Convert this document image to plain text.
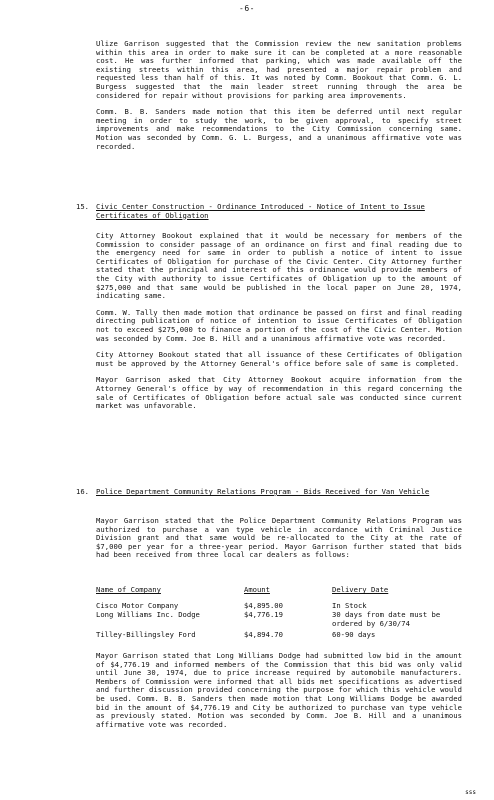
-6-

Ulize Garrison suggested that the Commission review the new sanitation problems within this area in order to make sure it can be completed at a more reasonable cost. He was further informed that parking, which was made available off the existing streets within this area, had presented a major repair problem and requested less than half of this. It was noted by Comm. Bookout that Comm. G. L. Burgess suggested that the main leader street running through the area be considered for repair without provisions for parking area improvements.

Comm. B. B. Sanders made motion that this item be deferred until next regular meeting in order to study the work, to be given approval, to specify street improvements and make recommendations to the City Commission concerning same. Motion was seconded by Comm. G. L. Burgess, and a unanimous affirmative vote was recorded.

15. Civic Center Construction - Ordinance Introduced - Notice of Intent to Issue Certificates of Obligation

City Attorney Bookout explained that it would be necessary for members of the Commission to consider passage of an ordinance on first and final reading due to the emergency need for same in order to publish a notice of intent to issue Certificates of Obligation for purchase of the Civic Center. City Attorney further stated that the principal and interest of this ordinance would provide members of the City with authority to issue Certificates of Obligation up to the amount of $275,000 and that same would be published in the local paper on June 20, 1974, indicating same.

Comm. W. Tally then made motion that ordinance be passed on first and final reading directing publication of notice of intention to issue Certificates of Obligation not to exceed $275,000 to finance a portion of the cost of the Civic Center. Motion was seconded by Comm. Joe B. Hill and a unanimous affirmative vote was recorded.

City Attorney Bookout stated that all issuance of these Certificates of Obligation must be approved by the Attorney General's office before sale of same is completed.

Mayor Garrison asked that City Attorney Bookout acquire information from the Attorney General's office by way of recommendation in this regard concerning the sale of Certificates of Obligation before actual sale was conducted since current market was unfavorable.

16. Police Department Community Relations Program - Bids Received for Van Vehicle

Mayor Garrison stated that the Police Department Community Relations Program was authorized to purchase a van type vehicle in accordance with Criminal Justice Division grant and that same would be re-allocated to the City at the rate of $7,000 per year for a three-year period. Mayor Garrison further stated that bids had been received from three local car dealers as follows:

Name of Company	Amount	Delivery Date
Cisco Motor Company	$4,895.00	In Stock
Long Williams Inc. Dodge	$4,776.19	30 days from date must be ordered by 6/30/74
Tilley-Billingsley Ford	$4,894.70	60-90 days

Mayor Garrison stated that Long Williams Dodge had submitted low bid in the amount of $4,776.19 and informed members of the Commission that this bid was only valid until June 30, 1974, due to price increase required by automobile manufacturers. Members of Commission were informed that all bids met specifications as advertised and further discussion provided concerning the purpose for which this vehicle would be used. Comm. B. B. Sanders then made motion that Long Williams Dodge be awarded bid in the amount of $4,776.19 and City be authorized to purchase van type vehicle as previously stated. Motion was seconded by Comm. Joe B. Hill and a unanimous affirmative vote was recorded.

sss
